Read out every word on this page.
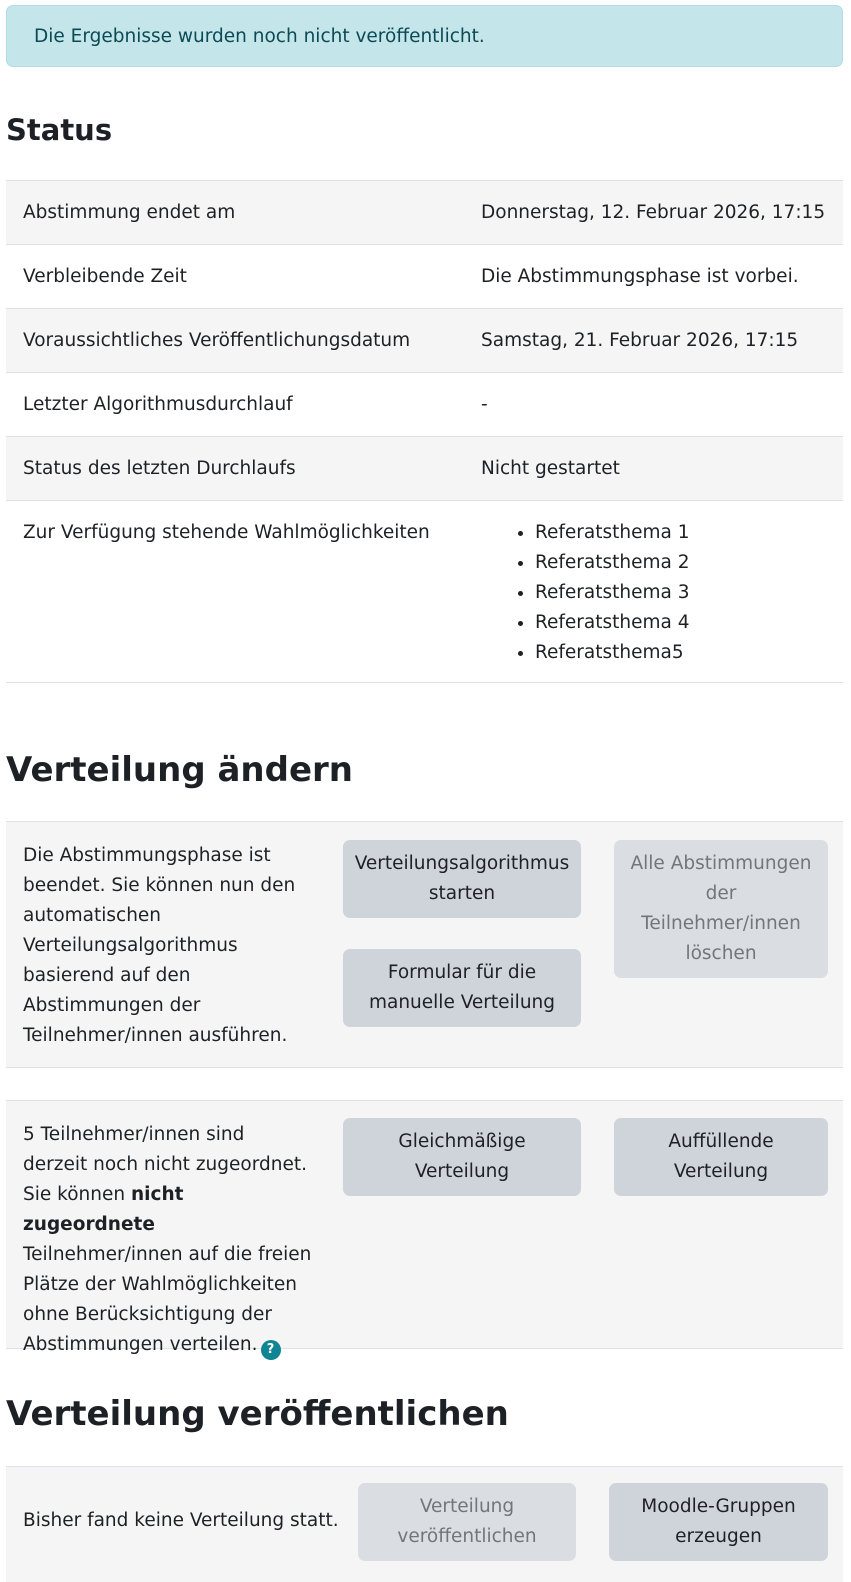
Die Ergebnisse wurden noch nicht veröffentlicht.
Status
Abstimmung endet am	Donnerstag, 12. Februar 2026, 17:15
Verbleibende Zeit	Die Abstimmungsphase ist vorbei.
Voraussichtliches Veröffentlichungsdatum	Samstag, 21. Februar 2026, 17:15
Letzter Algorithmusdurchlauf	-
Status des letzten Durchlaufs	Nicht gestartet
Zur Verfügung stehende Wahlmöglichkeiten
•	Referatsthema 1
• Referatsthema 2
• Referatsthema 3
• Referatsthema 4
• Referatsthema5
Verteilung ändern
Die Abstimmungsphase ist beendet. Sie können nun den automatischen Verteilungsalgorithmus basierend auf den Abstimmungen der Teilnehmer/innen ausführen.
Verteilungsalgorithmus starten
Formular für die manuelle Verteilung
Alle Abstimmungen der Teilnehmer/innen löschen
5 Teilnehmer/innen sind derzeit noch nicht zugeordnet. Sie können nicht zugeordnete Teilnehmer/innen auf die freien Plätze der Wahlmöglichkeiten ohne Berücksichtigung der Abstimmungen verteilen. ?
Gleichmäßige Verteilung
Auffüllende Verteilung
Verteilung veröffentlichen
Bisher fand keine Verteilung statt.
Verteilung veröffentlichen
Moodle-Gruppen erzeugen
